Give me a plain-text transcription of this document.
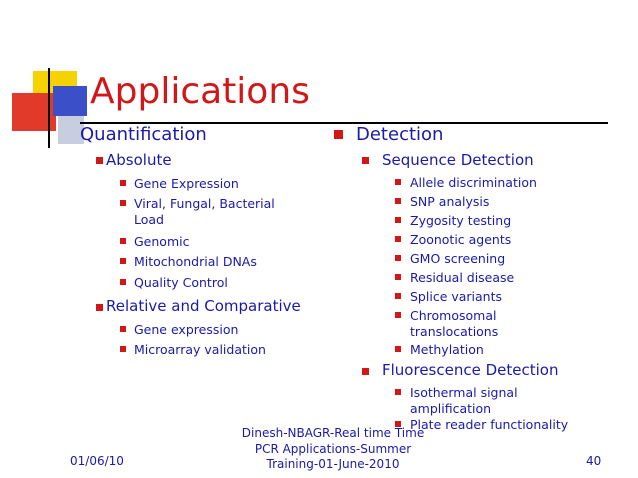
Applications
Quantification
Absolute
Gene Expression
Viral, Fungal, Bacterial
Load
Genomic
Mitochondrial DNAs
Quality Control
Relative and Comparative
Gene expression
Microarray validation
Detection
Sequence Detection
Allele discrimination
SNP analysis
Zygosity testing
Zoonotic agents
GMO screening
Residual disease
Splice variants
Chromosomal
translocations
Methylation
Fluorescence Detection
Isothermal signal
amplification
Plate reader functionality
01/06/10
Dinesh-NBAGR-Real time Time
PCR Applications-Summer
Training-01-June-2010	40
